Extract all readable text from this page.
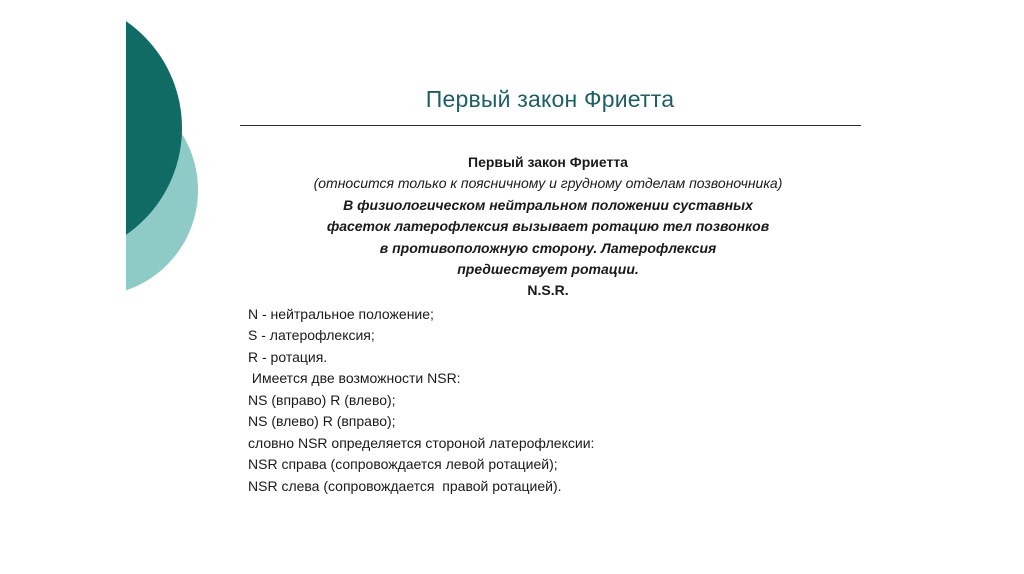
Первый закон Фриетта
Первый закон Фриетта
(относится только к поясничному и грудному отделам позвоночника)
В физиологическом нейтральном положении суставных
фасеток латерофлексия вызывает ротацию тел позвонков
в противоположную сторону. Латерофлексия
предшествует ротации.
N.S.R.
N - нейтральное положение;
S - латерофлексия;
R - ротация.
Имеется две возможности NSR:
NS (вправо) R (влево);
NS (влево) R (вправо);
словно NSR определяется стороной латерофлексии:
NSR справа (сопровождается левой ротацией);
NSR слева (сопровождается  правой ротацией).
